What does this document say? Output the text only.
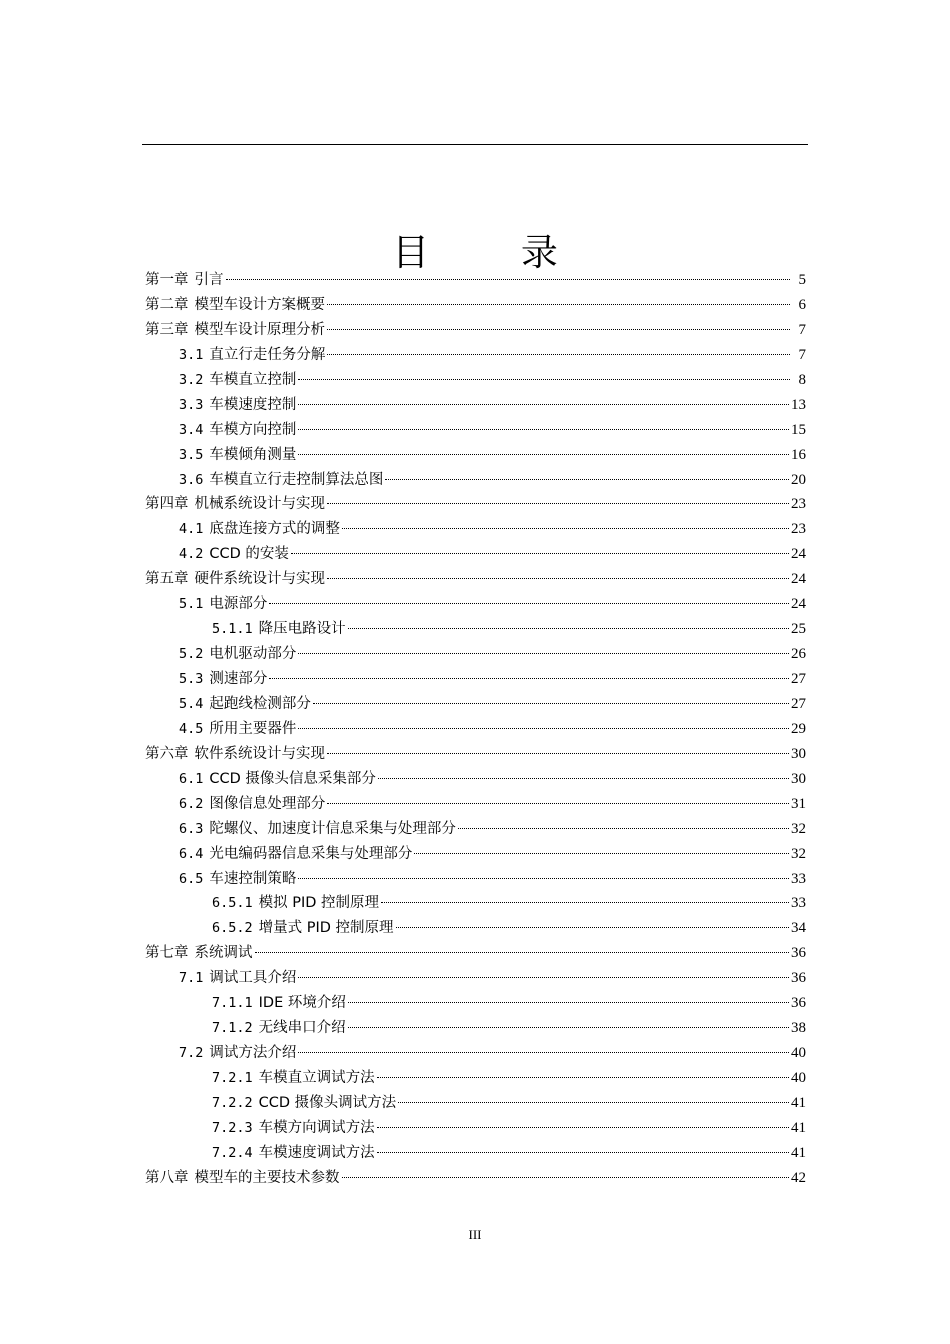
目 录
第一章 引言	5
第二章 模型车设计方案概要	6
第三章 模型车设计原理分析	7
3.1 直立行走任务分解	7
3.2 车模直立控制	8
3.3 车模速度控制	13
3.4 车模方向控制	15
3.5 车模倾角测量	16
3.6 车模直立行走控制算法总图	20
第四章 机械系统设计与实现	23
4.1 底盘连接方式的调整	23
4.2 CCD 的安装	24
第五章 硬件系统设计与实现	24
5.1 电源部分	24
5.1.1 降压电路设计	25
5.2 电机驱动部分	26
5.3 测速部分	27
5.4 起跑线检测部分	27
4.5 所用主要器件	29
第六章 软件系统设计与实现	30
6.1 CCD 摄像头信息采集部分	30
6.2 图像信息处理部分	31
6.3 陀螺仪、加速度计信息采集与处理部分	32
6.4 光电编码器信息采集与处理部分	32
6.5 车速控制策略	33
6.5.1 模拟 PID 控制原理	33
6.5.2 增量式 PID 控制原理	34
第七章 系统调试	36
7.1 调试工具介绍	36
7.1.1 IDE 环境介绍	36
7.1.2 无线串口介绍	38
7.2 调试方法介绍	40
7.2.1 车模直立调试方法	40
7.2.2 CCD 摄像头调试方法	41
7.2.3 车模方向调试方法	41
7.2.4 车模速度调试方法	41
第八章 模型车的主要技术参数	42
III
